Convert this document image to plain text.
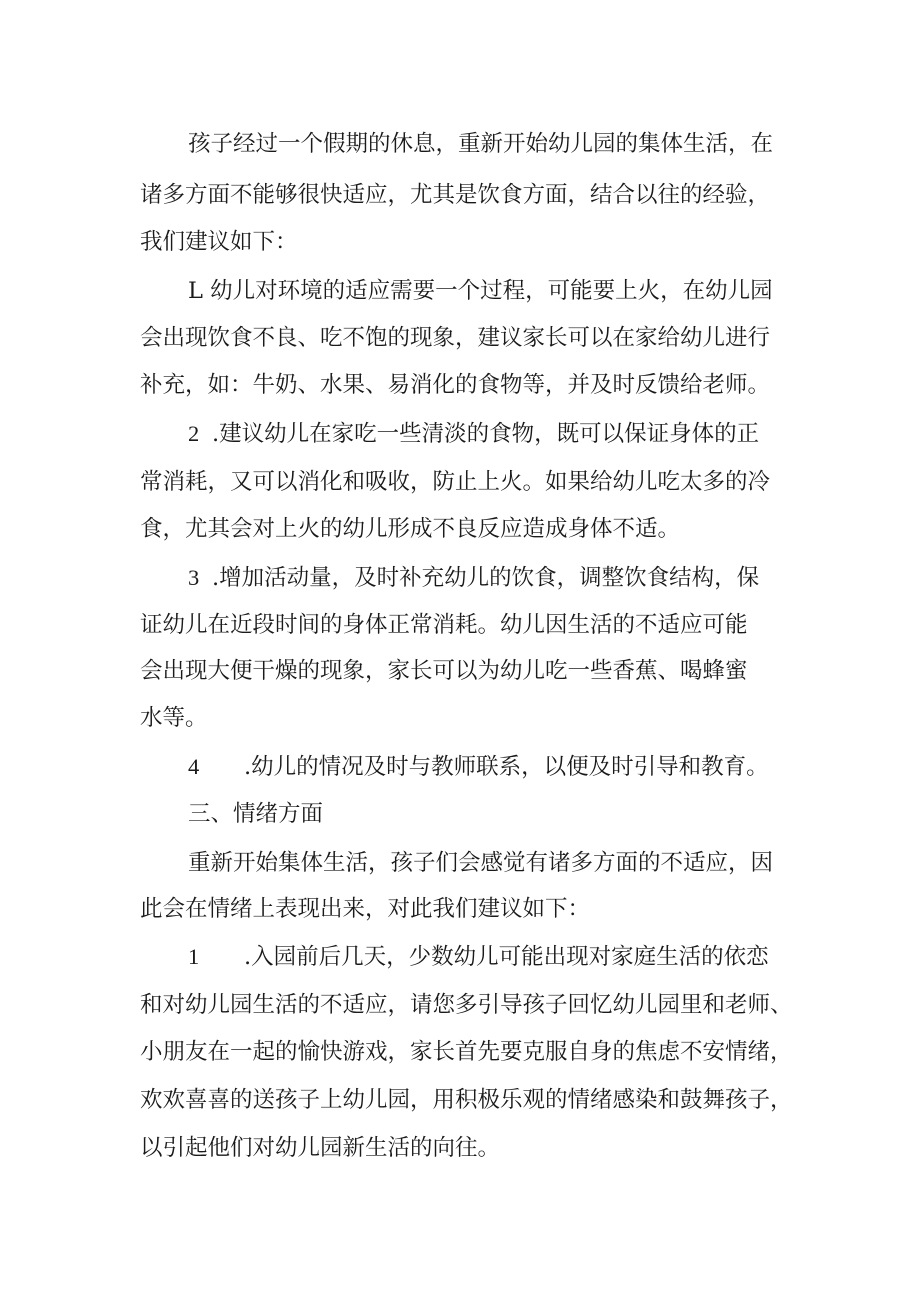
孩子经过一个假期的休息，重新开始幼儿园的集体生活，在

诸多方面不能够很快适应，尤其是饮食方面，结合以往的经验，

我们建议如下：

L 幼儿对环境的适应需要一个过程，可能要上火，在幼儿园

会出现饮食不良、吃不饱的现象，建议家长可以在家给幼儿进行

补充，如：牛奶、水果、易消化的食物等，并及时反馈给老师。

2 .建议幼儿在家吃一些清淡的食物，既可以保证身体的正

常消耗，又可以消化和吸收，防止上火。如果给幼儿吃太多的冷

食，尤其会对上火的幼儿形成不良反应造成身体不适。

3 .增加活动量，及时补充幼儿的饮食，调整饮食结构，保

证幼儿在近段时间的身体正常消耗。幼儿因生活的不适应可能

会出现大便干燥的现象，家长可以为幼儿吃一些香蕉、喝蜂蜜

水等。

4 .幼儿的情况及时与教师联系，以便及时引导和教育。

三、情绪方面

重新开始集体生活，孩子们会感觉有诸多方面的不适应，因

此会在情绪上表现出来，对此我们建议如下：

1 .入园前后几天，少数幼儿可能出现对家庭生活的依恋

和对幼儿园生活的不适应，请您多引导孩子回忆幼儿园里和老师、

小朋友在一起的愉快游戏，家长首先要克服自身的焦虑不安情绪，

欢欢喜喜的送孩子上幼儿园，用积极乐观的情绪感染和鼓舞孩子，

以引起他们对幼儿园新生活的向往。
